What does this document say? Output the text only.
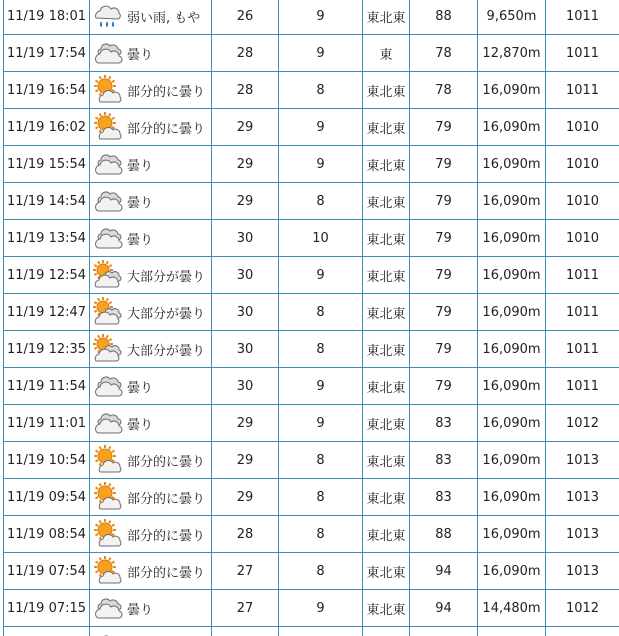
11/19 18:01	弱い雨, もや	26	9	東北東	88	9,650m	1011
11/19 17:54	曇り	28	9	東	78	12,870m	1011
11/19 16:54	部分的に曇り	28	8	東北東	78	16,090m	1011
11/19 16:02	部分的に曇り	29	9	東北東	79	16,090m	1010
11/19 15:54	曇り	29	9	東北東	79	16,090m	1010
11/19 14:54	曇り	29	8	東北東	79	16,090m	1010
11/19 13:54	曇り	30	10	東北東	79	16,090m	1010
11/19 12:54	大部分が曇り	30	9	東北東	79	16,090m	1011
11/19 12:47	大部分が曇り	30	8	東北東	79	16,090m	1011
11/19 12:35	大部分が曇り	30	8	東北東	79	16,090m	1011
11/19 11:54	曇り	30	9	東北東	79	16,090m	1011
11/19 11:01	曇り	29	9	東北東	83	16,090m	1012
11/19 10:54	部分的に曇り	29	8	東北東	83	16,090m	1013
11/19 09:54	部分的に曇り	29	8	東北東	83	16,090m	1013
11/19 08:54	部分的に曇り	28	8	東北東	88	16,090m	1013
11/19 07:54	部分的に曇り	27	8	東北東	94	16,090m	1013
11/19 07:15	曇り	27	9	東北東	94	14,480m	1012
